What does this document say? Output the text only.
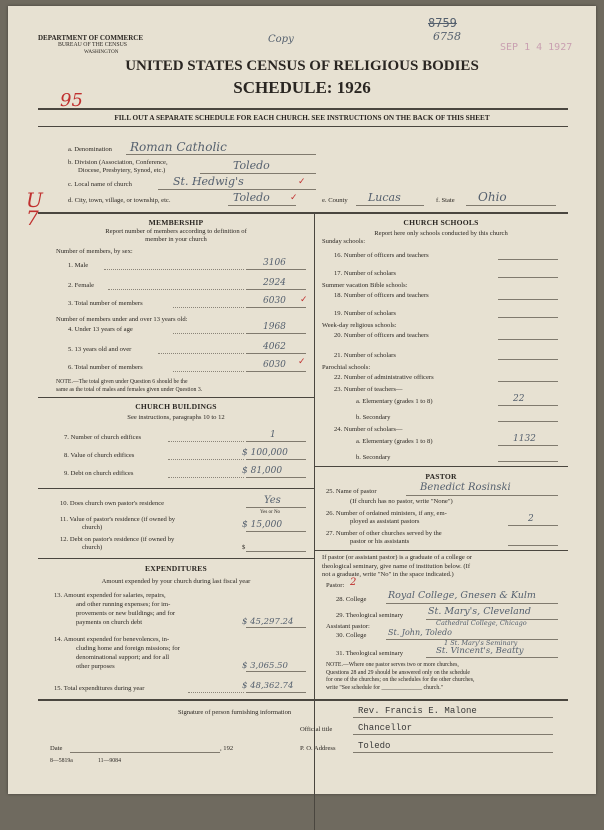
DEPARTMENT OF COMMERCE
BUREAU OF THE CENSUS
WASHINGTON
Copy
8759
6758
SEP 1 4 1927
UNITED STATES CENSUS OF RELIGIOUS BODIES
SCHEDULE: 1926
95
FILL OUT A SEPARATE SCHEDULE FOR EACH CHURCH. SEE INSTRUCTIONS ON THE BACK OF THIS SHEET
a. Denomination Roman Catholic
b. Division (Association, Conference,
Diocese, Presbytery, Synod, etc.)	Toledo
c. Local name of church	St. Hedwig's	✓
d. City, town, village, or township, etc.	Toledo ✓	e. County Lucas	f. State Ohio
U7	MEMBERSHIP
Report number of members according to definition of
member in your church
Number of members, by sex:
1. Male	3106
2. Female	2924
3. Total number of members	6030 ✓
Number of members under and over 13 years old:
4. Under 13 years of age	1968
5. 13 years old and over	4062
6. Total number of members	6030 ✓
NOTE.—The total given under Question 6 should be the
same as the total of males and females given under Question 3.
CHURCH BUILDINGS
See instructions, paragraphs 10 to 12
7. Number of church edifices	1
8. Value of church edifices	$ 100,000
9. Debt on church edifices	$ 81,000
10. Does church own pastor's residence	Yes
Yes or No
11. Value of pastor's residence (if owned by
church)	$ 15,000
12. Debt on pastor's residence (if owned by
church)	$
EXPENDITURES
Amount expended by your church during last fiscal year
13. Amount expended for salaries, repairs,
and other running expenses; for im-
provements or new buildings; and for
payments on church debt	$ 45,297.24
14. Amount expended for benevolences, in-
cluding home and foreign missions; for
denominational support; and for all
other purposes	$ 3,065.50
15. Total expenditures during year	$ 48,362.74
CHURCH SCHOOLS
Report here only schools conducted by this church
Sunday schools:
16. Number of officers and teachers
17. Number of scholars
Summer vacation Bible schools:
18. Number of officers and teachers
19. Number of scholars
Week-day religious schools:
20. Number of officers and teachers
21. Number of scholars
Parochial schools:
22. Number of administrative officers
23. Number of teachers—
a. Elementary (grades 1 to 8)	22
b. Secondary
24. Number of scholars—
a. Elementary (grades 1 to 8)	1132
b. Secondary
PASTOR
25. Name of pastor	Benedict Rosinski
(If church has no pastor, write "None")
26. Number of ordained ministers, if any, em-
ployed as assistant pastors	2
27. Number of other churches served by the
pastor or his assistants
If pastor (or assistant pastor) is a graduate of a college or
theological seminary, give name of institution below. (If
not a graduate, write "No" in the space indicated.)
Pastor: 2
28. College Royal College, Gnesen & Kulm
29. Theological seminary	St. Mary's, Cleveland
Assistant pastor:
30. College	St. John, Toledo
Cathedral College, Chicago
1 St. Mary's Seminary
31. Theological seminary	St. Vincent's, Beatty
NOTE.—Where one pastor serves two or more churches,
Questions 28 and 29 should be answered only on the schedule
for one of the churches; on the schedules for the other churches,
write "See schedule for ______________ church."
Signature of person furnishing information	Rev. Francis E. Malone
Official title	Chancellor
Date	, 192	P. O. Address Toledo
8—5819a	11—9084
